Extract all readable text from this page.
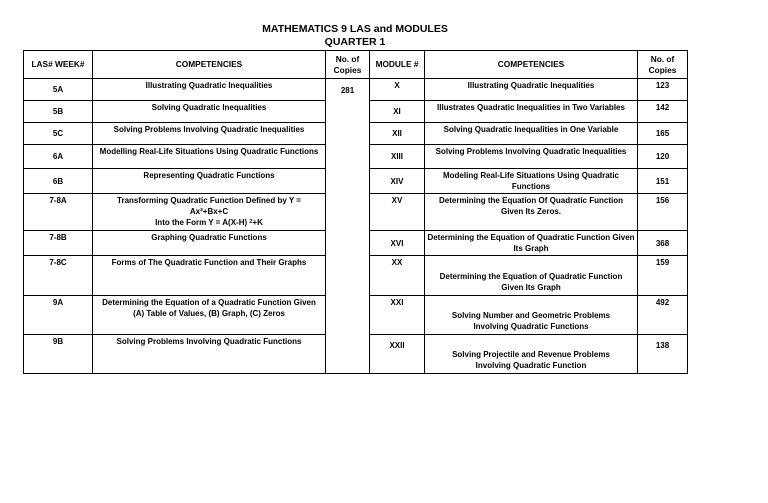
MATHEMATICS 9 LAS and MODULES
QUARTER 1
LAS# WEEK#	COMPETENCIES	No. of Copies	MODULE #	COMPETENCIES	No. of Copies
5A	Illustrating Quadratic Inequalities	281	X	Illustrating Quadratic Inequalities	123
5B	Solving Quadratic Inequalities		XI	Illustrates Quadratic Inequalities in Two Variables	142
5C	Solving Problems Involving Quadratic Inequalities		XII	Solving Quadratic Inequalities in One Variable	165
6A	Modelling Real-Life Situations Using Quadratic Functions		XIII	Solving Problems Involving Quadratic Inequalities	120
6B	Representing Quadratic Functions		XIV	Modeling Real-Life Situations Using Quadratic Functions	151
7-8A	Transforming Quadratic Function Defined by Y =
Ax²+Bx+C
Into the Form Y = A(X-H) $^2$+K		XV	Determining the Equation Of Quadratic Function Given Its Zeros.	156
7-8B	Graphing Quadratic Functions		XVI	Determining the Equation of Quadratic Function Given Its Graph	368
7-8C	Forms of The Quadratic Function and Their Graphs		XX	Determining the Equation of Quadratic Function Given Its Graph	159
9A	Determining the Equation of a Quadratic Function Given
(A) Table of Values, (B) Graph, (C) Zeros		XXI	Solving Number and Geometric Problems Involving Quadratic Functions	492
9B	Solving Problems Involving Quadratic Functions		XXII	Solving Projectile and Revenue Problems Involving Quadratic Function	138
